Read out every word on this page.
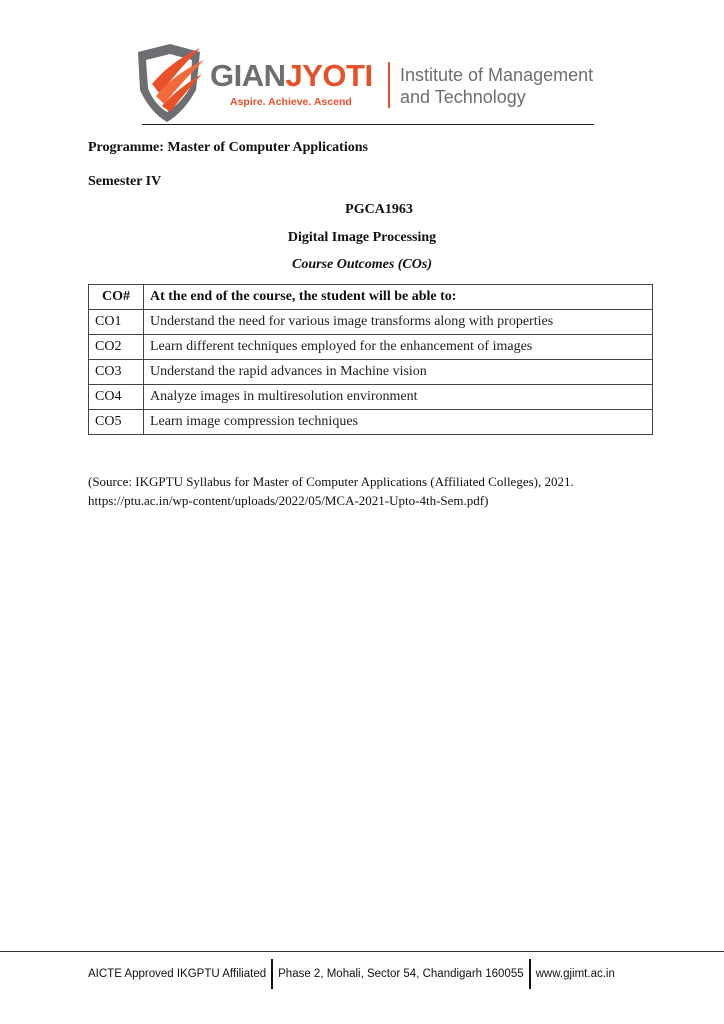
GIANJYOTI
Aspire. Achieve. Ascend
Institute of Management
and Technology
Programme: Master of Computer Applications
Semester IV
PGCA1963
Digital Image Processing
Course Outcomes (COs)
CO#	At the end of the course, the student will be able to:
CO1	Understand the need for various image transforms along with properties
CO2	Learn different techniques employed for the enhancement of images
CO3	Understand the rapid advances in Machine vision
CO4	Analyze images in multiresolution environment
CO5	Learn image compression techniques
(Source: IKGPTU Syllabus for Master of Computer Applications (Affiliated Colleges), 2021.
https://ptu.ac.in/wp-content/uploads/2022/05/MCA-2021-Upto-4th-Sem.pdf)
AICTE Approved IKGPTU Affiliated Phase 2, Mohali, Sector 54, Chandigarh 160055 www.gjimt.ac.in
